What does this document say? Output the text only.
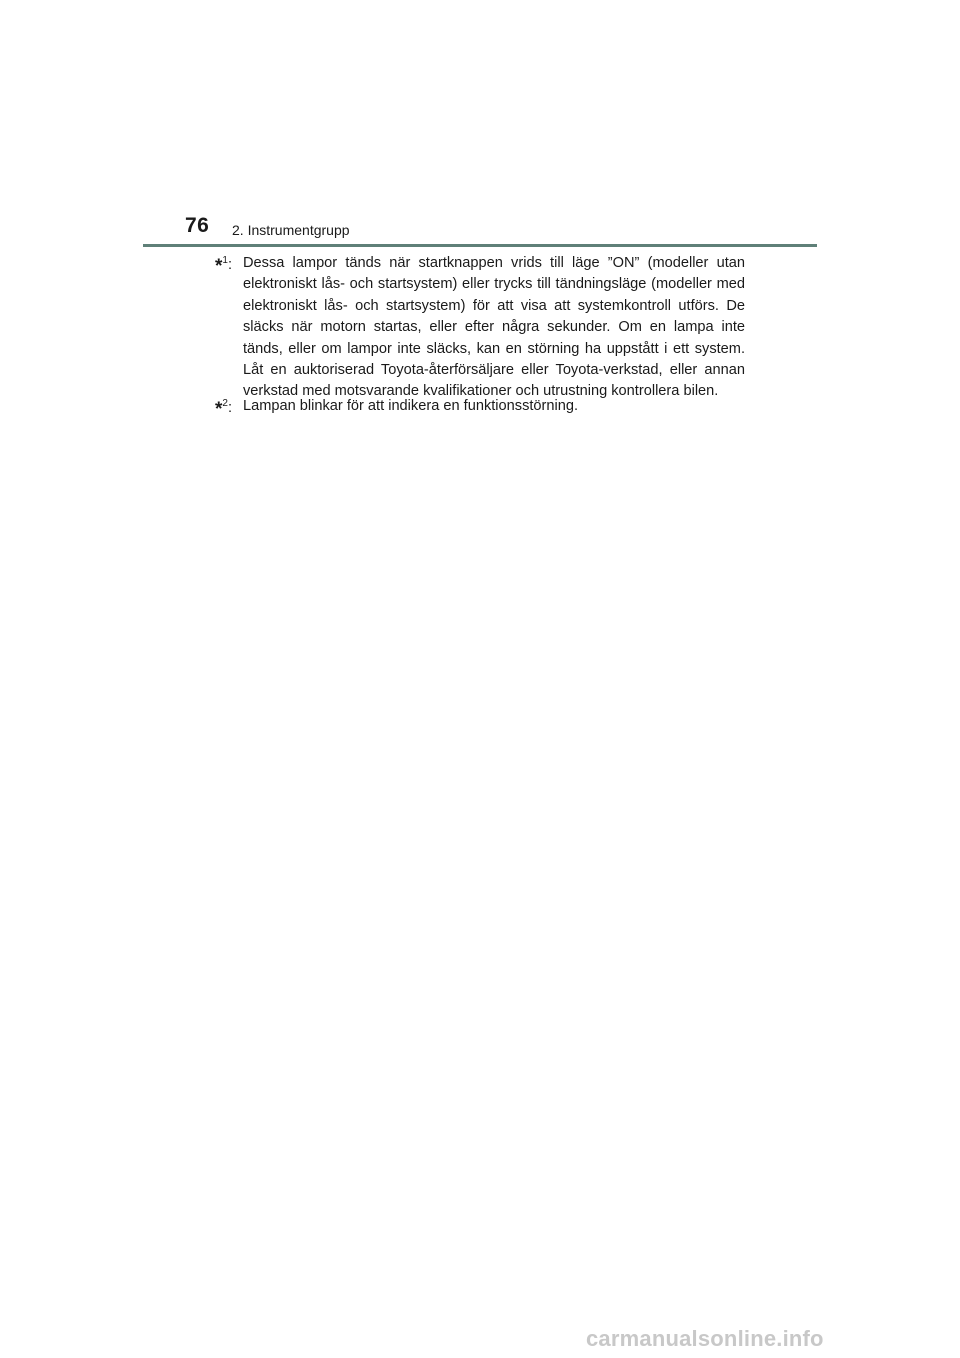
76 2. Instrumentgrupp
*$^1$: Dessa lampor tänds när startknappen vrids till läge ”ON” (modeller utan elektroniskt lås- och startsystem) eller trycks till tändningsläge (modeller med elektroniskt lås- och startsystem) för att visa att systemkontroll utförs. De släcks när motorn startas, eller efter några sekunder. Om en lampa inte tänds, eller om lampor inte släcks, kan en störning ha uppstått i ett system. Låt en auktoriserad Toyota-återförsäljare eller Toyota-verkstad, eller annan verkstad med motsvarande kvalifikationer och utrustning kontrollera bilen.
*$^2$: Lampan blinkar för att indikera en funktionsstörning.
carmanualsonline.info
